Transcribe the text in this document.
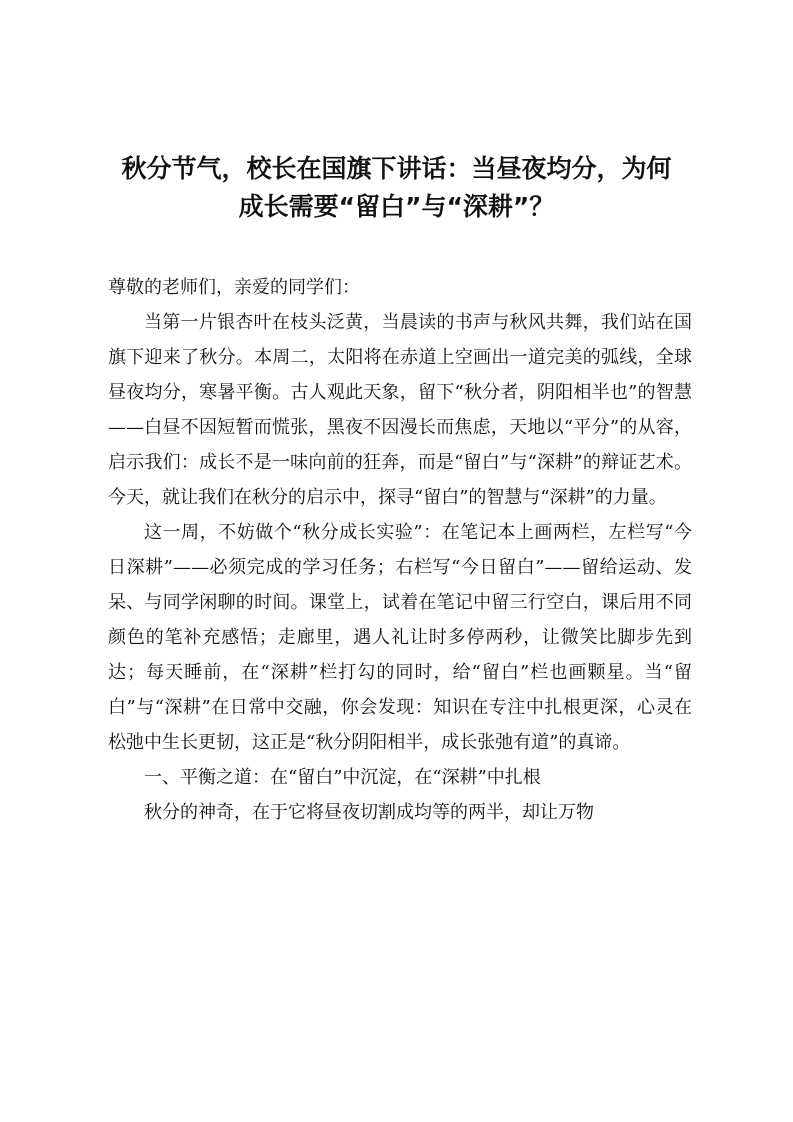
秋分节气，校长在国旗下讲话：当昼夜均分，为何
成长需要“留白”与“深耕”？

尊敬的老师们，亲爱的同学们：

当第一片银杏叶在枝头泛黄，当晨读的书声与秋风共舞，我们站在国旗下迎来了秋分。本周二，太阳将在赤道上空画出一道完美的弧线，全球昼夜均分，寒暑平衡。古人观此天象，留下“秋分者，阴阳相半也”的智慧——白昼不因短暂而慌张，黑夜不因漫长而焦虑，天地以“平分”的从容，启示我们：成长不是一味向前的狂奔，而是“留白”与“深耕”的辩证艺术。今天，就让我们在秋分的启示中，探寻“留白”的智慧与“深耕”的力量。

这一周，不妨做个“秋分成长实验”：在笔记本上画两栏，左栏写“今日深耕”——必须完成的学习任务；右栏写“今日留白”——留给运动、发呆、与同学闲聊的时间。课堂上，试着在笔记中留三行空白，课后用不同颜色的笔补充感悟；走廊里，遇人礼让时多停两秒，让微笑比脚步先到达；每天睡前，在“深耕”栏打勾的同时，给“留白”栏也画颗星。当“留白”与“深耕”在日常中交融，你会发现：知识在专注中扎根更深，心灵在松弛中生长更韧，这正是“秋分阴阳相半，成长张弛有道”的真谛。

一、平衡之道：在“留白”中沉淀，在“深耕”中扎根

秋分的神奇，在于它将昼夜切割成均等的两半，却让万物
